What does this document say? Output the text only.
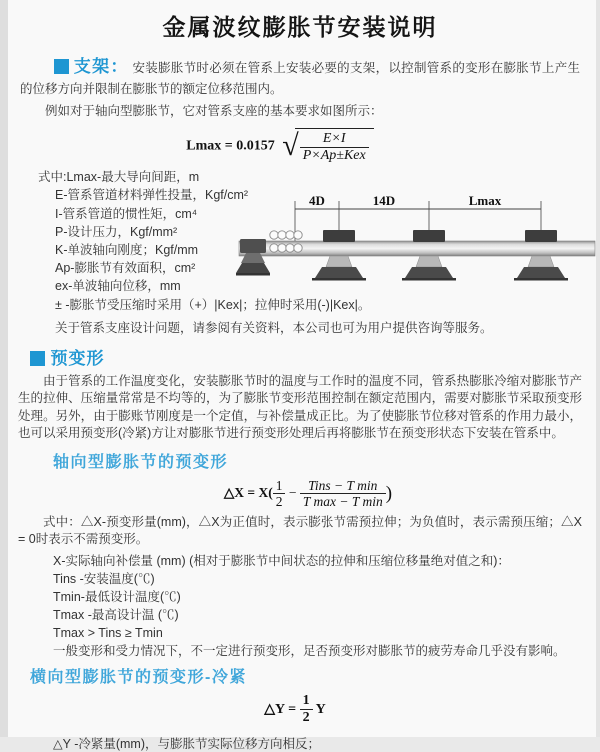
金属波纹膨胀节安装说明

支架： 安装膨胀节时必须在管系上安装必要的支架，以控制管系的变形在膨胀节上产生的位移方向并限制在膨胀节的额定位移范围内。

例如对于轴向型膨胀节，它对管系支座的基本要求如图所示：

Lmax = 0.0157 √ $\frac{E\times I}{\text{P×Ap±Kex}}$
式中:Lmax-最大导向间距，m
E-管系管道材料弹性投量，Kgf/cm²
I-管系管道的惯性矩，cm⁴
P-设计压力，Kgf/mm²
K-单波轴向刚度；Kgf/mm
Ap-膨胀节有效面积，cm²
ex-单波轴向位移，mm
± -膨胀节受压缩时采用（+）|Kex|；拉伸时采用(-)|Kex|。
关于管系支座设计问题，请参阅有关资料，本公司也可为用户提供咨询等服务。
4D	14D	Lmax
预变形

由于管系的工作温度变化，安装膨胀节时的温度与工作时的温度不同，管系热膨胀冷缩对膨胀节产生的拉伸、压缩量常常是不均等的，为了膨胀节变形范围控制在额定范围内，需要对膨胀节采取预变形处理。另外，由于膨账节刚度是一个定值，与补偿量成正比。为了使膨胀节位移对管系的作用力最小，也可以采用预变形(冷紧)方让对膨胀节进行预变形处理后再将膨胀节在预变形状态下安装在管系中。

轴向型膨胀节的预变形
△X = $X( \frac{1}{2} - \frac{\text{Tins − T min}}{\text{T max − T min}}$ )

式中：△X-预变形量(mm)，△X为正值时，表示膨张节需预拉伸；为负值时，表示需预压缩；△X = 0时表示不需预变形。

X-实际轴向补偿量 (mm) (相对于膨胀节中间状态的拉伸和压缩位移量绝对值之和)：
Tins -安装温度(℃)
Tmin-最低设计温度(℃)
Tmax -最高设计温 (℃)
Tmax > Tins ≥ Tmin
一般变形和受力情况下，不一定进行预变形，足否预变形对膨胀节的疲劳寿命几乎没有影响。
横向型膨胀节的预变形-冷紧
△Y = $\frac{1}{2}$ Y
△Y -冷紧量(mm)，与膨胀节实际位移方向相反；
